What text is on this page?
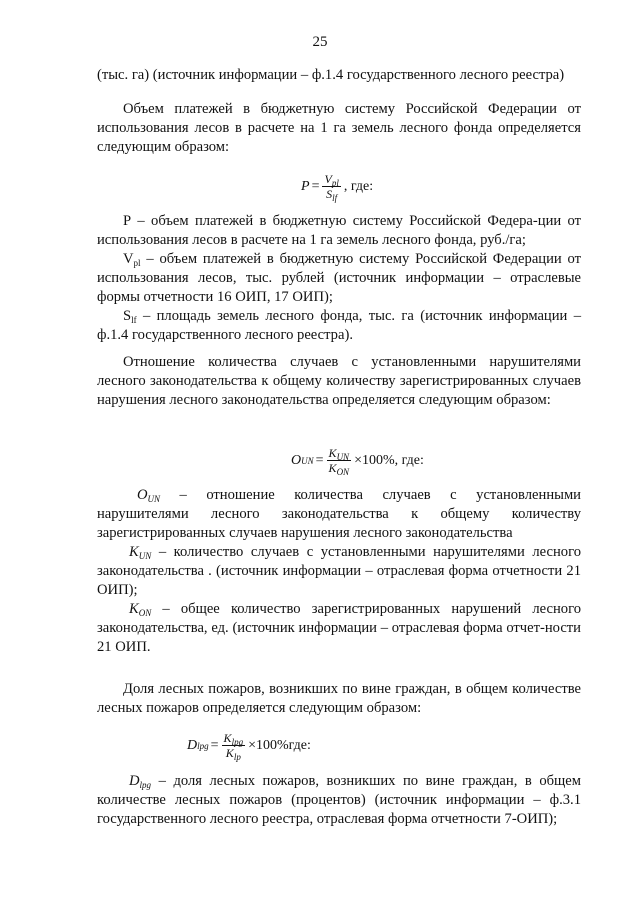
25
(тыс. га) (источник информации – ф.1.4 государственного лесного реестра)
Объем платежей в бюджетную систему Российской Федерации от использования лесов в расчете на 1 га земель лесного фонда определяется следующим образом:
$P = \frac{V_{pl}}{S_{lf}}$ , где:
Р – объем платежей в бюджетную систему Российской Федера-ции от использования лесов в расчете на 1 га земель лесного фонда, руб./га;
$V_{pl}$ – объем платежей в бюджетную систему Российской Федерации от использования лесов, тыс. рублей (источник информации – отраслевые формы отчетности 16 ОИП, 17 ОИП);
$S_{lf}$ – площадь земель лесного фонда, тыс. га (источник информации – ф.1.4 государственного лесного реестра).
Отношение количества случаев с установленными нарушителями лесного законодательства к общему количеству зарегистрированных случаев нарушения лесного законодательства определяется следующим образом:
O UN = $\frac{K_{UN}}{K_{ON}} \times 100\%$ , где:
$O_{UN}$ – отношение количества случаев с установленными нарушителями лесного законодательства к общему количеству зарегистрированных случаев нарушения лесного законодательства
$K_{UN}$ – количество случаев с установленными нарушителями лесного законодательства . (источник информации – отраслевая форма отчетности 21 ОИП);
$K_{ON}$ – общее количество зарегистрированных нарушений лесного законодательства, ед. (источник информации – отраслевая форма отчет-ности 21 ОИП.
Доля лесных пожаров, возникших по вине граждан, в общем количестве лесных пожаров определяется следующим образом:
D lpg = $\frac{K_{lpg}}{K_{lp}} \times 100\%$ где:
$D_{lpg}$ – доля лесных пожаров, возникших по вине граждан, в общем количестве лесных пожаров (процентов) (источник информации – ф.3.1 государственного лесного реестра, отраслевая форма отчетности 7-ОИП);
